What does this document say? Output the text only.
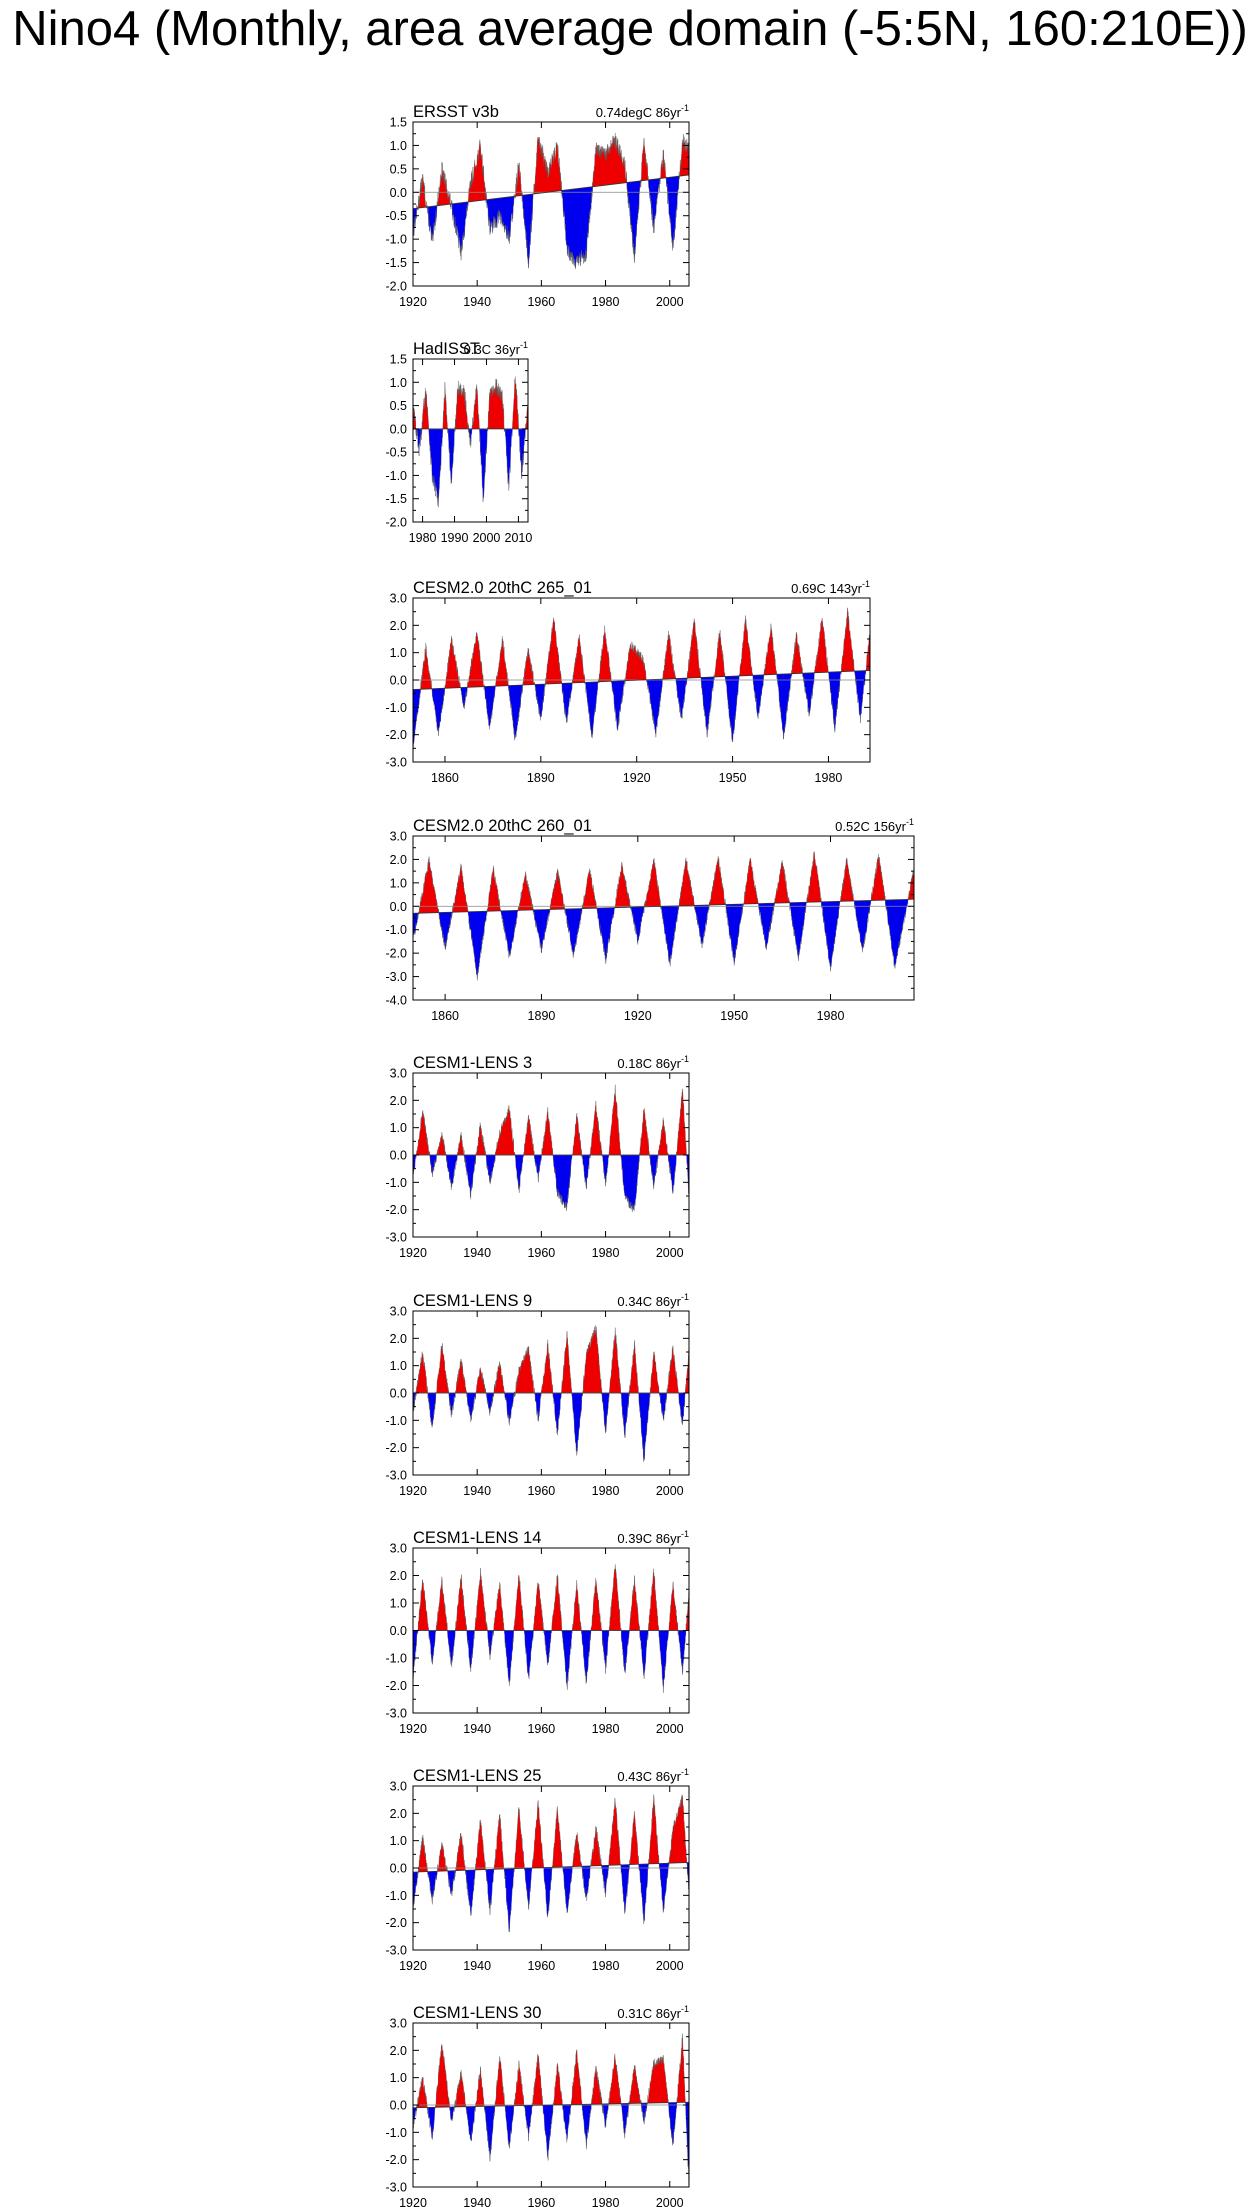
Nino4 (Monthly, area average domain (-5:5N, 160:210E))
-2.0
-1.5
-1.0
-0.5
0.0
0.5
1.0
1.5
1920	1940	1960	1980	2000
ERSST v3b	0.74degC $86yr^{-1}$
-2.0
-1.5
-1.0
-0.5
0.0
0.5
1.0
1.5
1980 1990 2000 2010
HadISST
0.3C $36yr^{-1}$
-3.0
-2.0
-1.0
0.0
1.0
2.0
3.0
1860	1890	1920	1950	1980
CESM2.0 20thC 265_01	0.69C $143yr^{-1}$
-4.0
-3.0
-2.0
-1.0
0.0
1.0
2.0
3.0
1860	1890	1920	1950	1980
CESM2.0 20thC 260_01	0.52C $156yr^{-1}$
-3.0
-2.0
-1.0
0.0
1.0
2.0
3.0
1920	1940	1960	1980	2000
CESM1-LENS 3	0.18C $86yr^{-1}$
-3.0
-2.0
-1.0
0.0
1.0
2.0
3.0
1920	1940	1960	1980	2000
CESM1-LENS 9	0.34C $86yr^{-1}$
-3.0
-2.0
-1.0
0.0
1.0
2.0
3.0
1920	1940	1960	1980	2000
CESM1-LENS 14	0.39C $86yr^{-1}$
-3.0
-2.0
-1.0
0.0
1.0
2.0
3.0
1920	1940	1960	1980	2000
CESM1-LENS 25	0.43C $86yr^{-1}$
-3.0
-2.0
-1.0
0.0
1.0
2.0
3.0
1920	1940	1960	1980	2000
CESM1-LENS 30	0.31C $86yr^{-1}$
